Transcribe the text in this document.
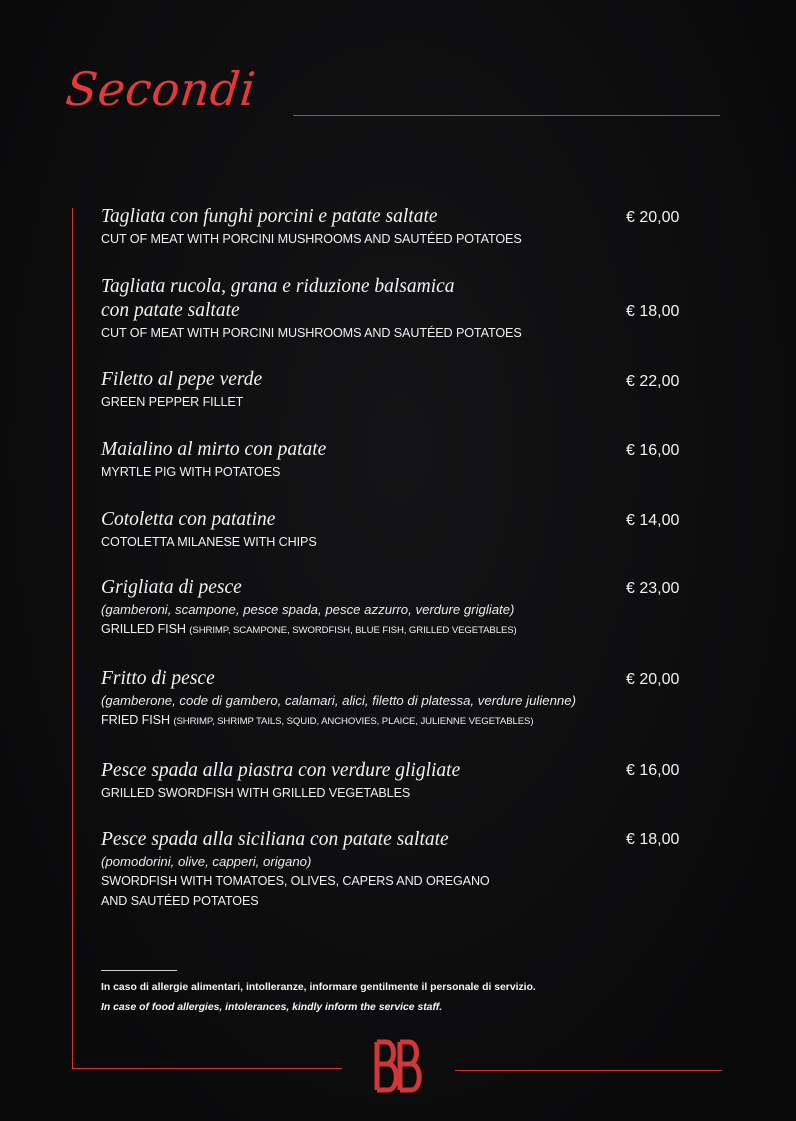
Secondi
Tagliata con funghi porcini e patate saltate
CUT OF MEAT WITH PORCINI MUSHROOMS AND SAUTÉED POTATOES
€ 20,00
Tagliata rucola, grana e riduzione balsamica
con patate saltate
CUT OF MEAT WITH PORCINI MUSHROOMS AND SAUTÉED POTATOES
€ 18,00
Filetto al pepe verde
GREEN PEPPER FILLET
€ 22,00
Maialino al mirto con patate
MYRTLE PIG WITH POTATOES
€ 16,00
Cotoletta con patatine
COTOLETTA MILANESE WITH CHIPS
€ 14,00
Grigliata di pesce
(gamberoni, scampone, pesce spada, pesce azzurro, verdure grigliate)
GRILLED FISH (SHRIMP, SCAMPONE, SWORDFISH, BLUE FISH, GRILLED VEGETABLES)
€ 23,00
Fritto di pesce
(gamberone, code di gambero, calamari, alici, filetto di platessa, verdure julienne)
FRIED FISH (SHRIMP, SHRIMP TAILS, SQUID, ANCHOVIES, PLAICE, JULIENNE VEGETABLES)
€ 20,00
Pesce spada alla piastra con verdure gligliate
GRILLED SWORDFISH WITH GRILLED VEGETABLES
€ 16,00
Pesce spada alla siciliana con patate saltate
(pomodorini, olive, capperi, origano)
SWORDFISH WITH TOMATOES, OLIVES, CAPERS AND OREGANO
AND SAUTÉED POTATOES
€ 18,00
In caso di allergie alimentari, intolleranze, informare gentilmente il personale di servizio.
In case of food allergies, intolerances, kindly inform the service staff.
